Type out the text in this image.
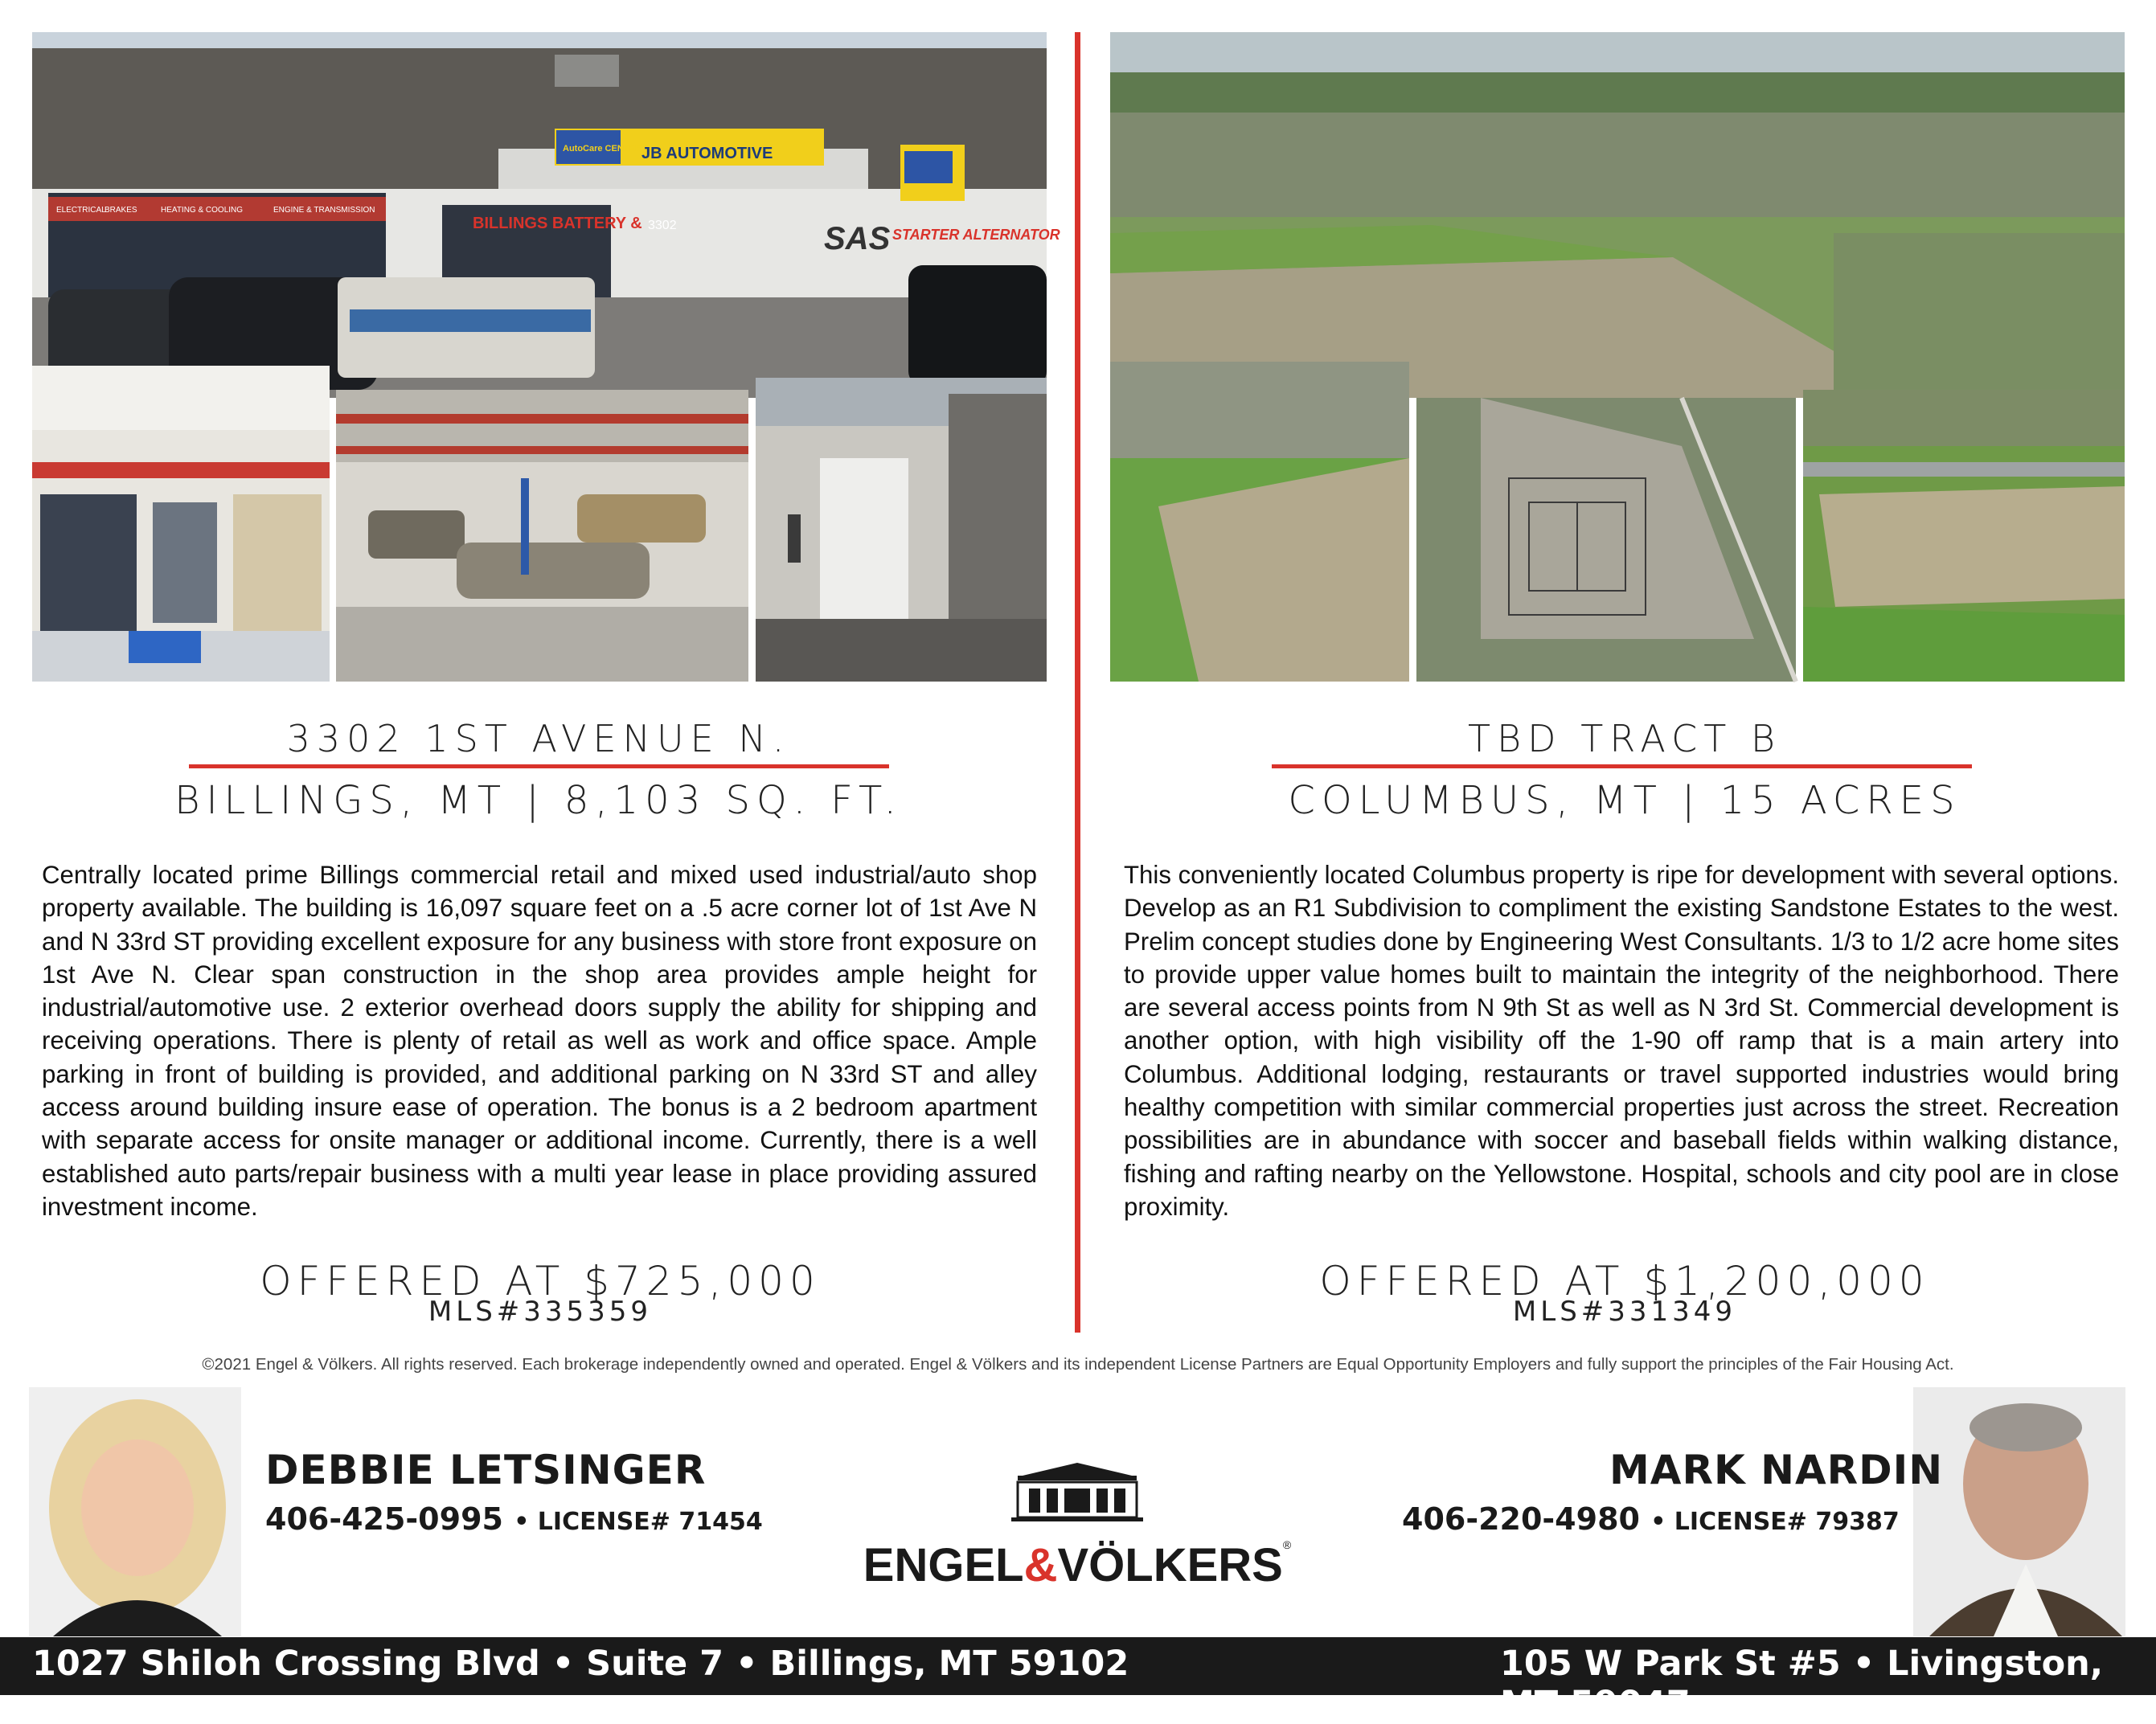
BILLINGS BATTERY &
JB AUTOMOTIVE
AutoCare CENTER
3302	SAS STARTER ALTERNATOR
ELECTRICAL
BRAKES	HEATING & COOLING	ENGINE & TRANSMISSION
3302 1ST AVENUE N.
BILLINGS, MT | 8,103 SQ. FT.
Centrally located prime Billings commercial retail and mixed used industrial/auto shop property available. The building is 16,097 square feet on a .5 acre corner lot of 1st Ave N and N 33rd ST providing excellent exposure for any business with store front exposure on 1st Ave N. Clear span construction in the shop area provides ample height for industrial/automotive use. 2 exterior overhead doors supply the ability for shipping and receiving operations. There is plenty of retail as well as work and office space. Ample parking in front of building is provided, and additional parking on N 33rd ST and alley access around building insure ease of operation. The bonus is a 2 bedroom apartment with separate access for onsite manager or additional income. Currently, there is a well established auto parts/repair business with a multi year lease in place providing assured investment income.
OFFERED AT $725,000
MLS#335359
TBD TRACT B
COLUMBUS, MT | 15 ACRES
This conveniently located Columbus property is ripe for development with several options. Develop as an R1 Subdivision to compliment the existing Sandstone Estates to the west. Prelim concept studies done by Engineering West Consultants. 1/3 to 1/2 acre home sites to provide upper value homes built to maintain the integrity of the neighborhood. There are several access points from N 9th St as well as N 3rd St. Commercial development is another option, with high visibility off the 1-90 off ramp that is a main artery into Columbus. Additional lodging, restaurants or travel supported industries would bring healthy competition with similar commercial properties just across the street. Recreation possibilities are in abundance with soccer and baseball fields within walking distance, fishing and rafting nearby on the Yellowstone. Hospital, schools and city pool are in close proximity.
OFFERED AT $1,200,000
MLS#331349
©2021 Engel & Völkers. All rights reserved. Each brokerage independently owned and operated. Engel & Völkers and its independent License Partners are Equal Opportunity Employers and fully support the principles of the Fair Housing Act.
DEBBIE LETSINGER
406-425-0995 • LICENSE# 71454
MARK NARDIN
406-220-4980 • LICENSE# 79387
ENGEL&VÖLKERS®
1027 Shiloh Crossing Blvd • Suite 7 • Billings, MT 59102	105 W Park St #5 • Livingston, MT 59047
